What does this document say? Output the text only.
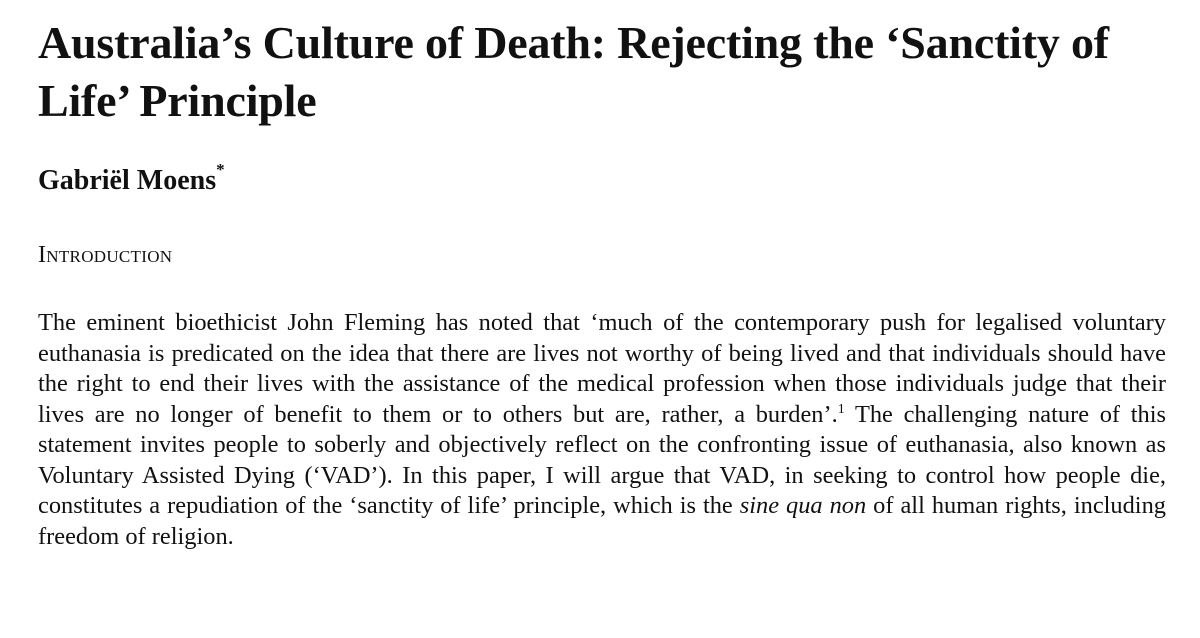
Australia’s Culture of Death: Rejecting the ‘Sanctity of Life’ Principle

Gabriël Moens*

Introduction

The eminent bioethicist John Fleming has noted that ‘much of the contemporary push for legalised voluntary euthanasia is predicated on the idea that there are lives not worthy of being lived and that individuals should have the right to end their lives with the assistance of the medical profession when those individuals judge that their lives are no longer of benefit to them or to others but are, rather, a burden’.$^1$ The challenging nature of this statement invites people to soberly and objectively reflect on the confronting issue of euthanasia, also known as Voluntary Assisted Dying (‘VAD’). In this paper, I will argue that VAD, in seeking to control how people die, constitutes a repudiation of the ‘sanctity of life’ principle, which is the sine qua non of all human rights, including freedom of religion.
